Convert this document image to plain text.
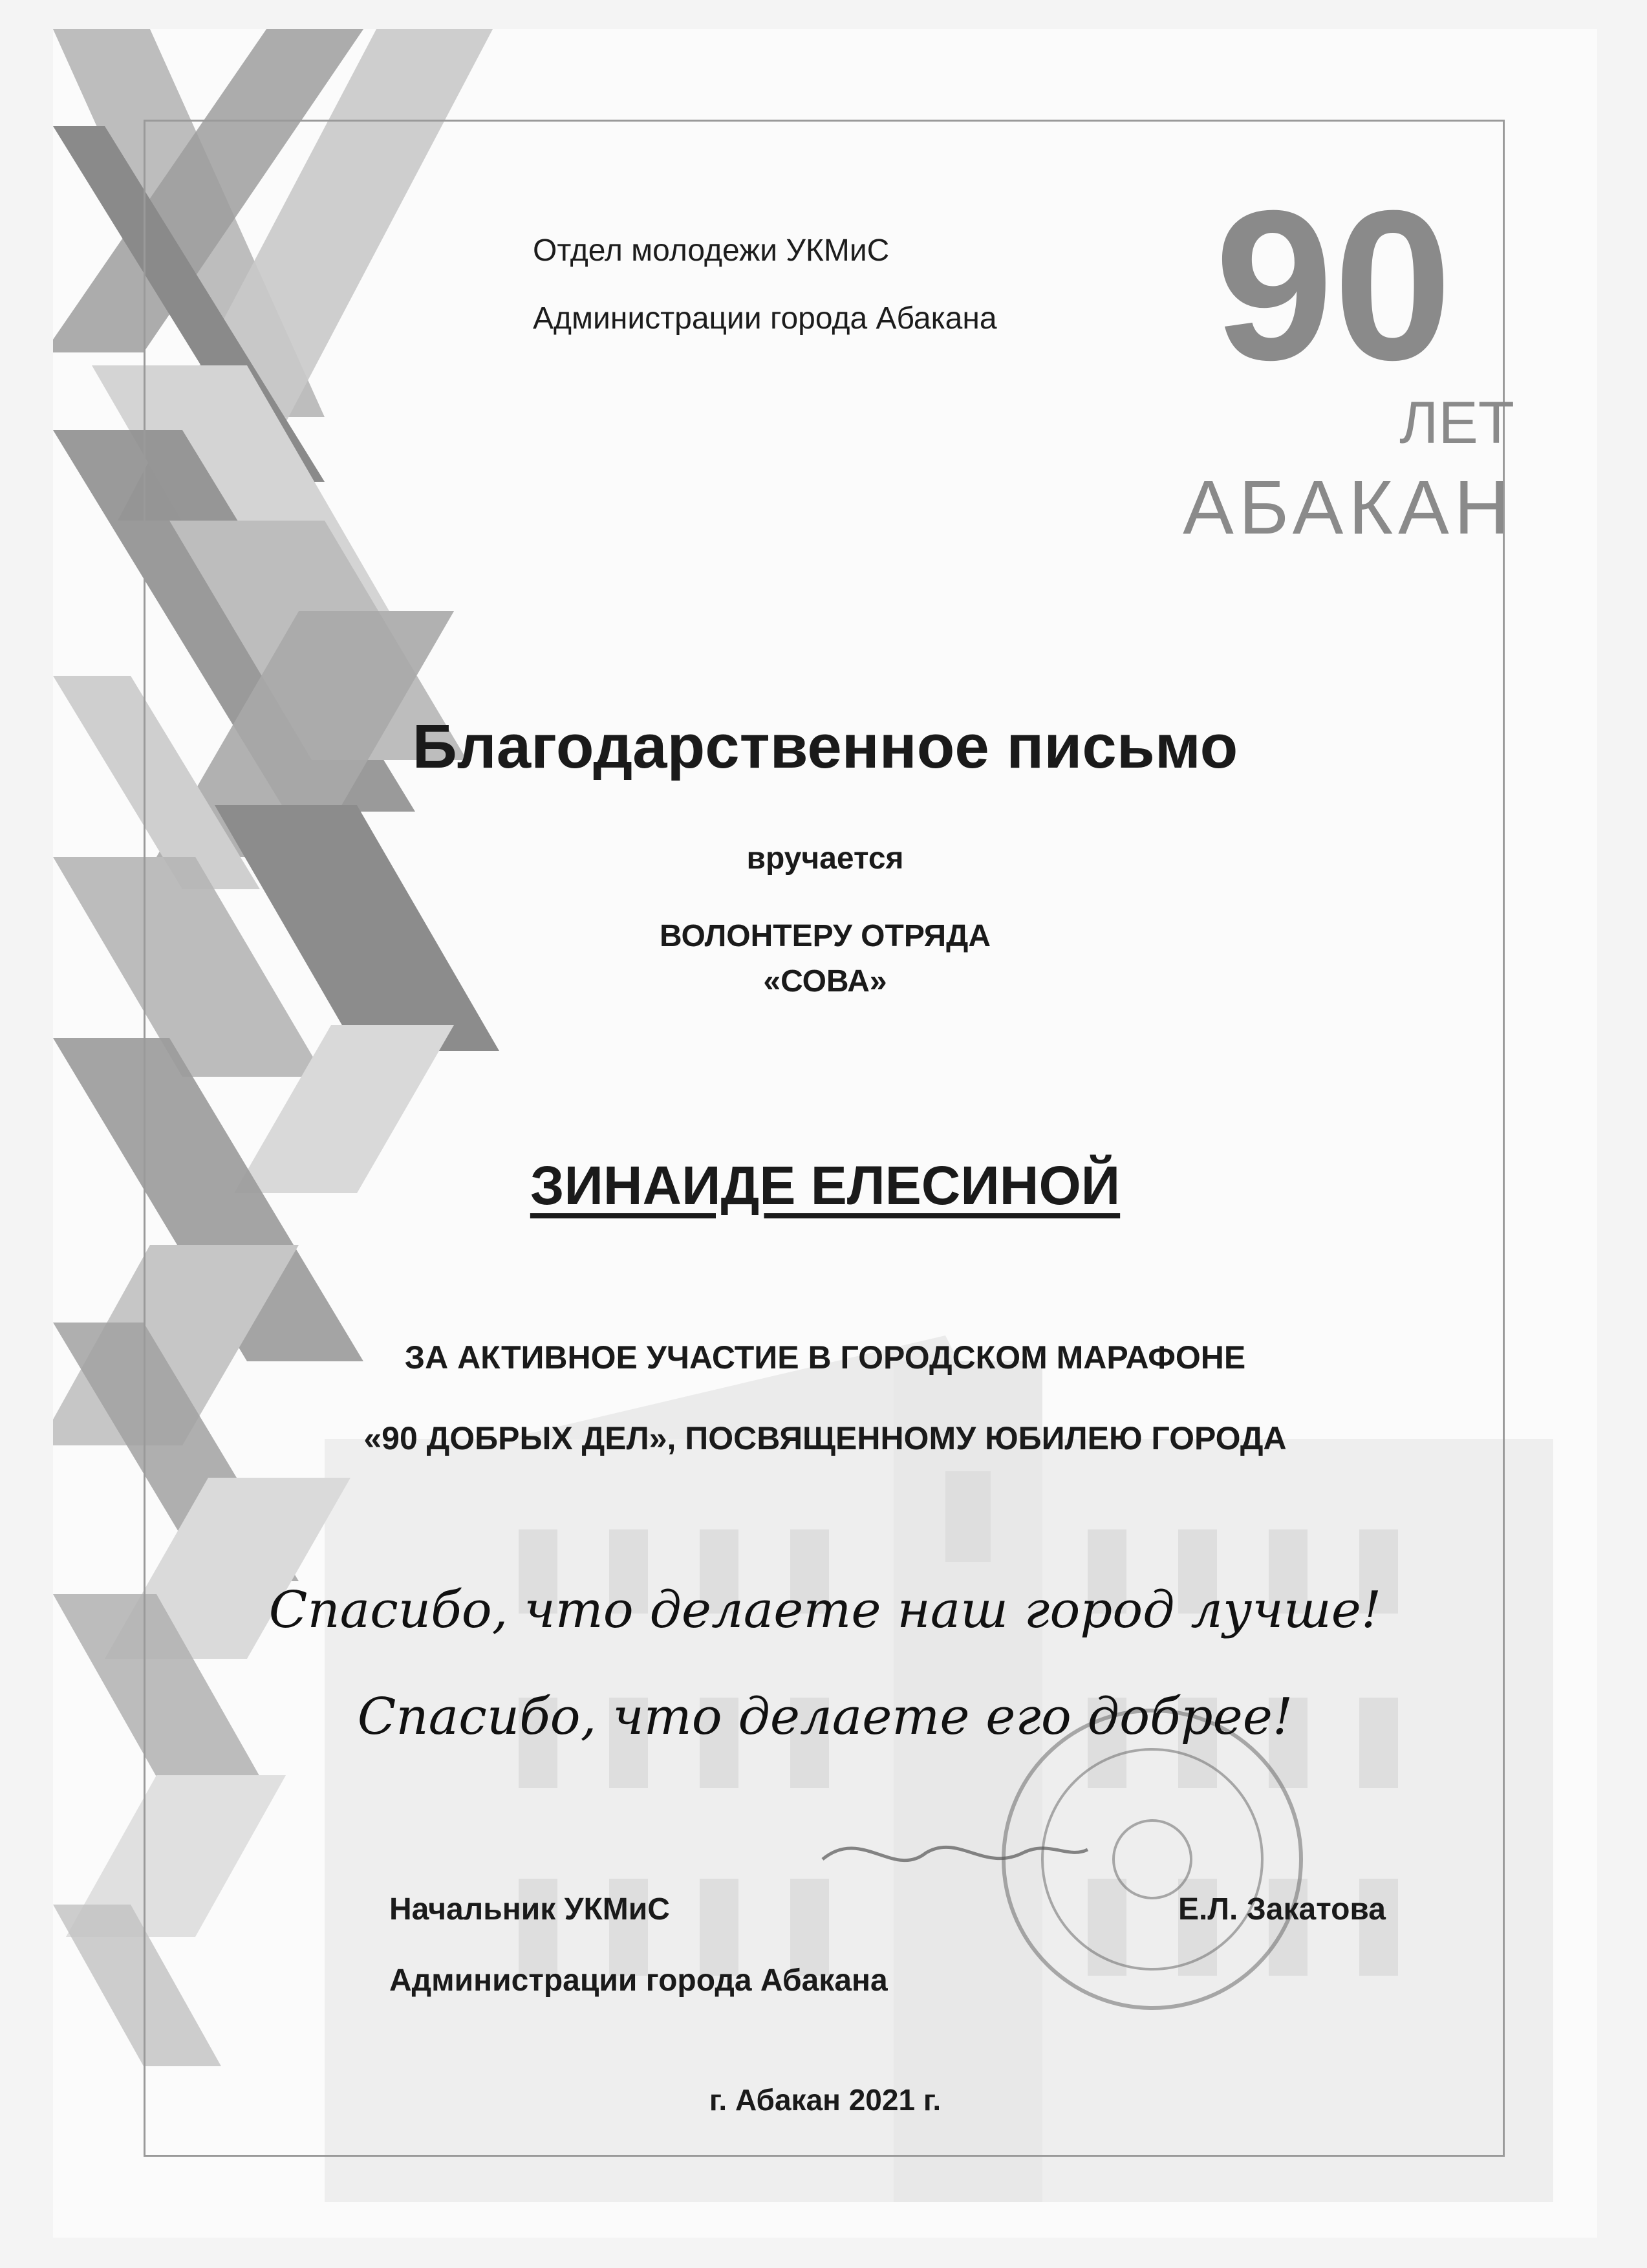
Отдел молодежи УКМиС

Администрации города Абакана 90
ЛЕТ
АБАКАН
Благодарственное письмо

вручается

ВОЛОНТЕРУ ОТРЯДА

«СОВА»

ЗИНАИДЕ ЕЛЕСИНОЙ

ЗА АКТИВНОЕ УЧАСТИЕ В ГОРОДСКОМ МАРАФОНЕ

«90 ДОБРЫХ ДЕЛ», ПОСВЯЩЕННОМУ ЮБИЛЕЮ ГОРОДА

Спасибо, что делаете наш город лучше!

Спасибо, что делаете его добрее!

Начальник УКМиС

Администрации города Абакана

Е.Л. Закатова

г. Абакан 2021 г.
